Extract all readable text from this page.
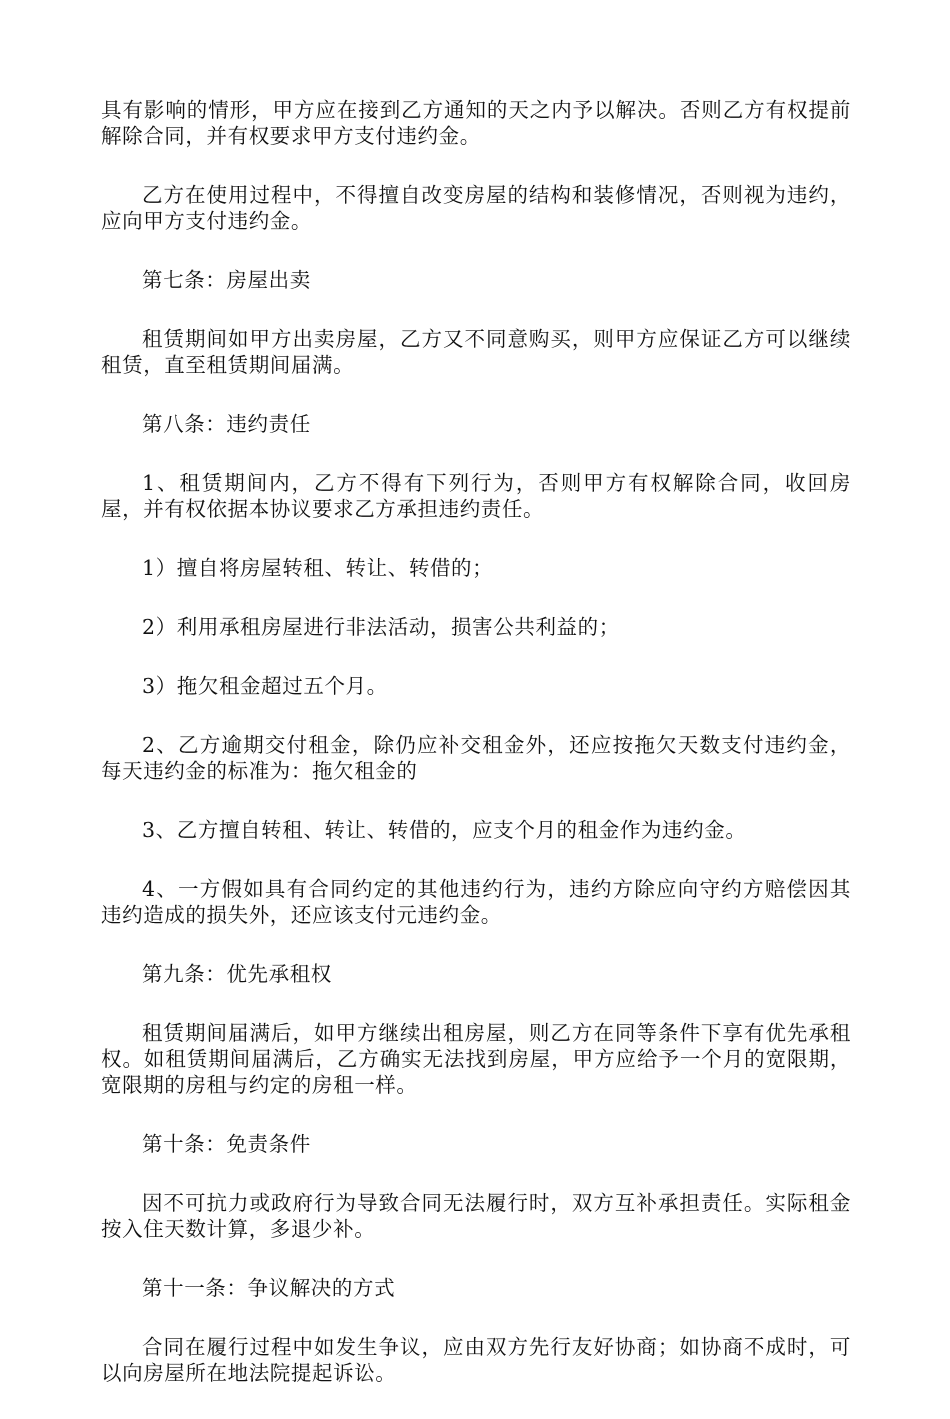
具有影响的情形，甲方应在接到乙方通知的天之内予以解决。否则乙方有权提前解除合同，并有权要求甲方支付违约金。

乙方在使用过程中，不得擅自改变房屋的结构和装修情况，否则视为违约，应向甲方支付违约金。

第七条：房屋出卖

租赁期间如甲方出卖房屋，乙方又不同意购买，则甲方应保证乙方可以继续租赁，直至租赁期间届满。

第八条：违约责任

1、租赁期间内，乙方不得有下列行为，否则甲方有权解除合同，收回房屋，并有权依据本协议要求乙方承担违约责任。

1）擅自将房屋转租、转让、转借的；

2）利用承租房屋进行非法活动，损害公共利益的；

3）拖欠租金超过五个月。

2、乙方逾期交付租金，除仍应补交租金外，还应按拖欠天数支付违约金，每天违约金的标准为：拖欠租金的

3、乙方擅自转租、转让、转借的，应支个月的租金作为违约金。

4、一方假如具有合同约定的其他违约行为，违约方除应向守约方赔偿因其违约造成的损失外，还应该支付元违约金。

第九条：优先承租权

租赁期间届满后，如甲方继续出租房屋，则乙方在同等条件下享有优先承租权。如租赁期间届满后，乙方确实无法找到房屋，甲方应给予一个月的宽限期，宽限期的房租与约定的房租一样。

第十条：免责条件

因不可抗力或政府行为导致合同无法履行时，双方互补承担责任。实际租金按入住天数计算，多退少补。

第十一条：争议解决的方式

合同在履行过程中如发生争议，应由双方先行友好协商；如协商不成时，可以向房屋所在地法院提起诉讼。
